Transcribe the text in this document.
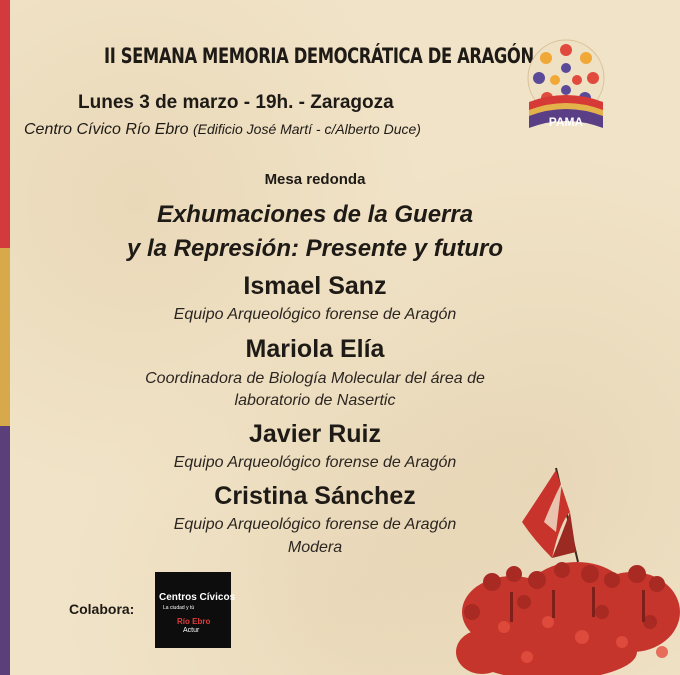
II SEMANA MEMORIA DEMOCRÁTICA DE ARAGÓN
Lunes 3 de marzo - 19h. - Zaragoza
Centro Cívico Río Ebro (Edificio José Martí - c/Alberto Duce)	PAMA
Mesa redonda
Exhumaciones de la Guerra
y la Represión: Presente y futuro
Ismael Sanz
Equipo Arqueológico forense de Aragón
Mariola Elía
Coordinadora de Biología Molecular del área de
laboratorio de Nasertic
Javier Ruiz
Equipo Arqueológico forense de Aragón
Cristina Sánchez
Equipo Arqueológico forense de Aragón
Modera
Colabora:
Centros Cívicos
La ciudad y tú
Río Ebro
Actur
